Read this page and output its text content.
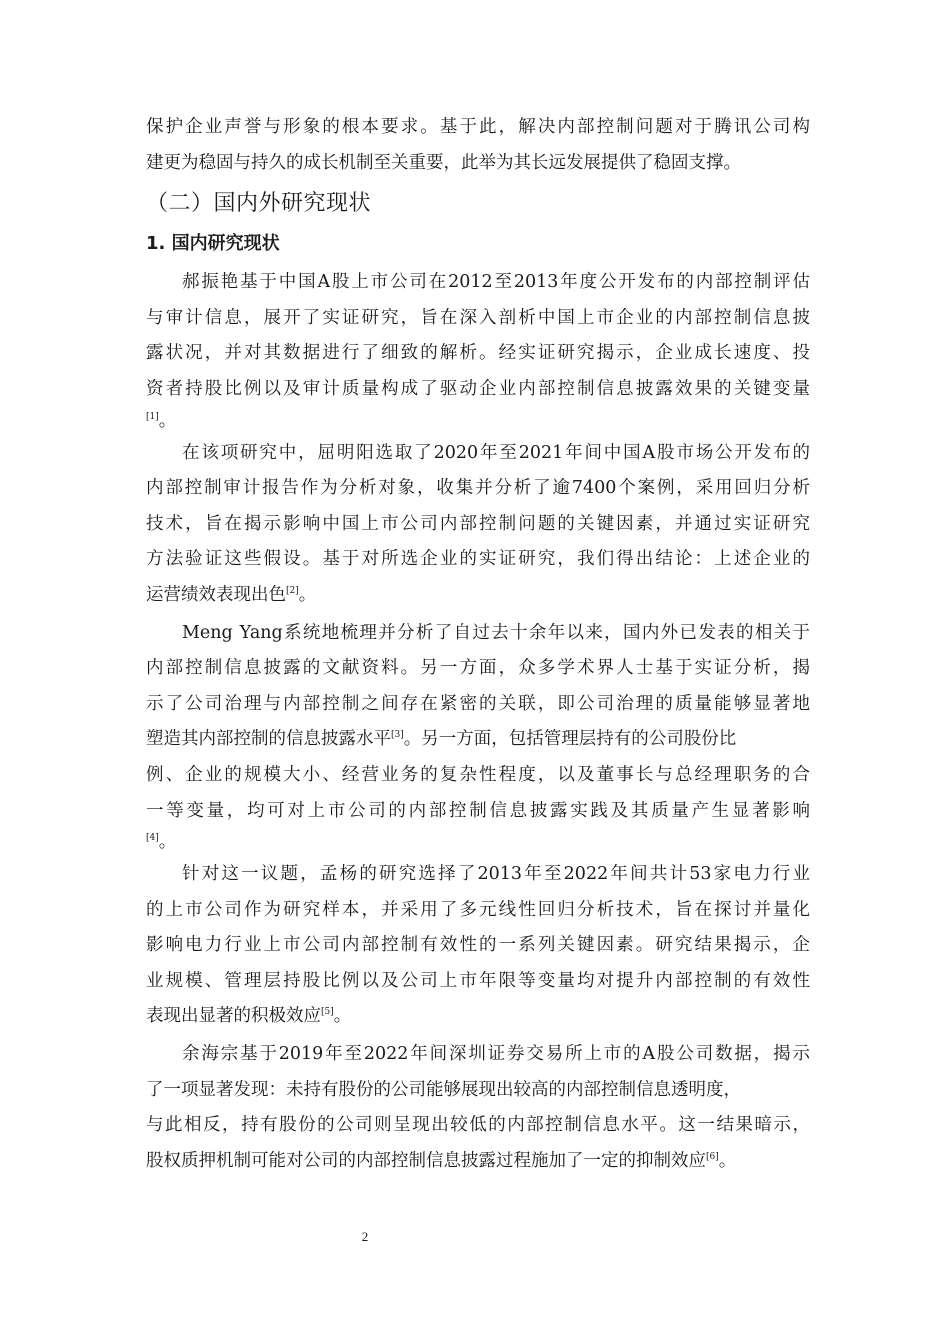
保护企业声誉与形象的根本要求。基于此，解决内部控制问题对于腾讯公司构
建更为稳固与持久的成长机制至关重要，此举为其长远发展提供了稳固支撑。

（二）国内外研究现状
1. 国内研究现状

郝振艳基于中国A股上市公司在2012至2013年度公开发布的内部控制评估
与审计信息，展开了实证研究，旨在深入剖析中国上市企业的内部控制信息披
露状况，并对其数据进行了细致的解析。经实证研究揭示，企业成长速度、投
资者持股比例以及审计质量构成了驱动企业内部控制信息披露效果的关键变量
[1]。

在该项研究中，屈明阳选取了2020年至2021年间中国A股市场公开发布的
内部控制审计报告作为分析对象，收集并分析了逾7400个案例，采用回归分析
技术，旨在揭示影响中国上市公司内部控制问题的关键因素，并通过实证研究
方法验证这些假设。基于对所选企业的实证研究，我们得出结论：上述企业的
运营绩效表现出色[2]。

Meng Yang系统地梳理并分析了自过去十余年以来，国内外已发表的相关于
内部控制信息披露的文献资料。另一方面，众多学术界人士基于实证分析，揭
示了公司治理与内部控制之间存在紧密的关联，即公司治理的质量能够显著地
塑造其内部控制的信息披露水平[3]。另一方面，包括管理层持有的公司股份比
例、企业的规模大小、经营业务的复杂性程度，以及董事长与总经理职务的合
一等变量，均可对上市公司的内部控制信息披露实践及其质量产生显著影响
[4]。

针对这一议题，孟杨的研究选择了2013年至2022年间共计53家电力行业
的上市公司作为研究样本，并采用了多元线性回归分析技术，旨在探讨并量化
影响电力行业上市公司内部控制有效性的一系列关键因素。研究结果揭示，企
业规模、管理层持股比例以及公司上市年限等变量均对提升内部控制的有效性
表现出显著的积极效应[5]。

余海宗基于2019年至2022年间深圳证券交易所上市的A股公司数据，揭示
了一项显著发现：未持有股份的公司能够展现出较高的内部控制信息透明度，
与此相反，持有股份的公司则呈现出较低的内部控制信息水平。这一结果暗示，
股权质押机制可能对公司的内部控制信息披露过程施加了一定的抑制效应[6]。

2
